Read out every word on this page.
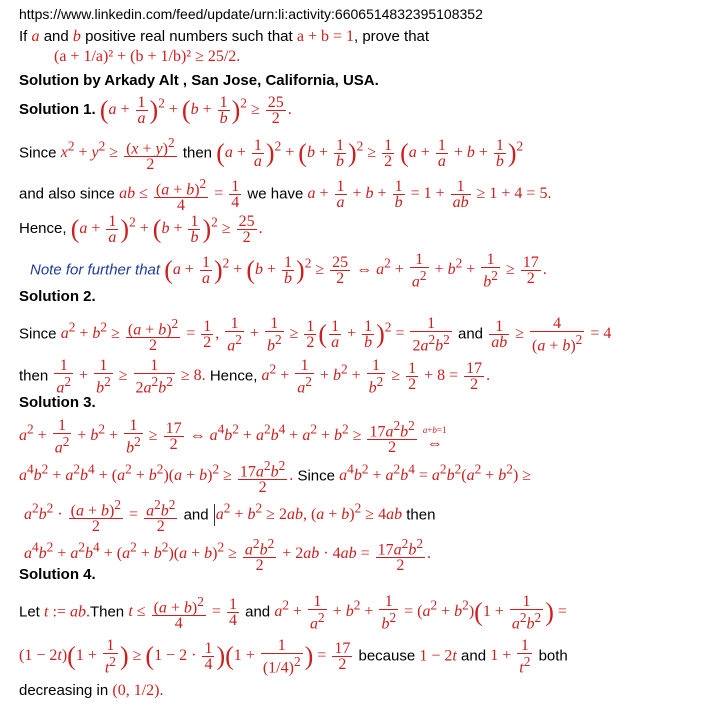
https://www.linkedin.com/feed/update/urn:li:activity:6606514832395108352
If a and b positive real numbers such that a + b = 1, prove that
(a + 1/a)² + (b + 1/b)² ≥ 25/2.
Solution by Arkady Alt , San Jose, California, USA.
Solution 1. $(a + \frac{1}{a} )^2 + (b + \frac{1}{b} )^2 \ge \frac{25}{2}$ .
Since $x^2 + y^2 \ge \frac{(x + y)^2}{2}$ then $(a + \frac{1}{a} )^2 + (b + \frac{1}{b} )^2 \ge \frac{1}{2} (a + \frac{1}{a} + b + \frac{1}{b} )^2$
and also since ab ≤ $\frac{(a + b)^2}{4} = \frac{1}{4}$ we have $a + \frac{1}{a} + b + \frac{1}{b} = 1 + \frac{1}{ab} \ge 1 + 4 = 5$.
Hence, $(a + \frac{1}{a} )^2 + (b + \frac{1}{b} )^2 \ge \frac{25}{2}$ .
Note for further that $(a + \frac{1}{a} )^2 + (b + \frac{1}{b} )^2 \ge \frac{25}{2}$ ⇔ $a^2 + \frac{1}{a^2} + b^2 + \frac{1}{b^2} \ge \frac{17}{2}$ .
Solution 2.
Since $a^2 + b^2 \ge \frac{(a + b)^2}{2} = \frac{1}{2}$ , $\frac{1}{a^2} + \frac{1}{b^2} \ge \frac{1}{2}$ ( $\frac{1}{a} + \frac{1}{b} )^2 = \frac{1}{2a^2b^2}$ and $\frac{1}{ab} \ge \frac{4}{(a + b)^2} = 4$
then $\frac{1}{a^2} + \frac{1}{b^2} \ge \frac{1}{2a^2b^2} \ge 8$. Hence, $a^2 + \frac{1}{a^2} + b^2 + \frac{1}{b^2} \ge \frac{1}{2} + 8 = \frac{17}{2}$ .
Solution 3.
$a^2 + \frac{1}{a^2} + b^2 + \frac{1}{b^2} \ge \frac{17}{2}$ ⇔ $a^4b^2 + a^2b^4 + a^2 + b^2 \ge \frac{17a^2b^2}{2} ^{a+b=1}$
⇔
$a^4b^2 + a^2b^4 + (a^2 + b^2)(a + b)^2 \ge \frac{17a^2b^2}{2}$ . Since $a^4b^2 + a^2b^4 = a^2b^2(a^2 + b^2)$ ≥
$a^2b^2 \cdot \frac{(a + b)^2}{2} = \frac{a^2b^2}{2}$ and $a^2 + b^2 \ge 2ab$, $(a + b)^2 \ge 4ab$ then
$a^4b^2 + a^2b^4 + (a^2 + b^2)(a + b)^2 \ge \frac{a^2b^2}{2} + 2ab \cdot 4ab = \frac{17a^2b^2}{2}$ .
Solution 4.
Let t := ab.Then $t \le \frac{(a + b)^2}{4} = \frac{1}{4}$ and $a^2 + \frac{1}{a^2} + b^2 + \frac{1}{b^2} = (a^2 + b^2)(1 + \frac{1}{a^2b^2}$ ) =
$(1 - 2t)(1 + \frac{1}{t^2}$ ) ≥ $(1 - 2 \cdot \frac{1}{4} )(1 + \frac{1}{(1/4)^2}$ ) = $\frac{17}{2}$ because 1 − 2t and $1 + \frac{1}{t^2}$ both
decreasing in (0, 1/2).
